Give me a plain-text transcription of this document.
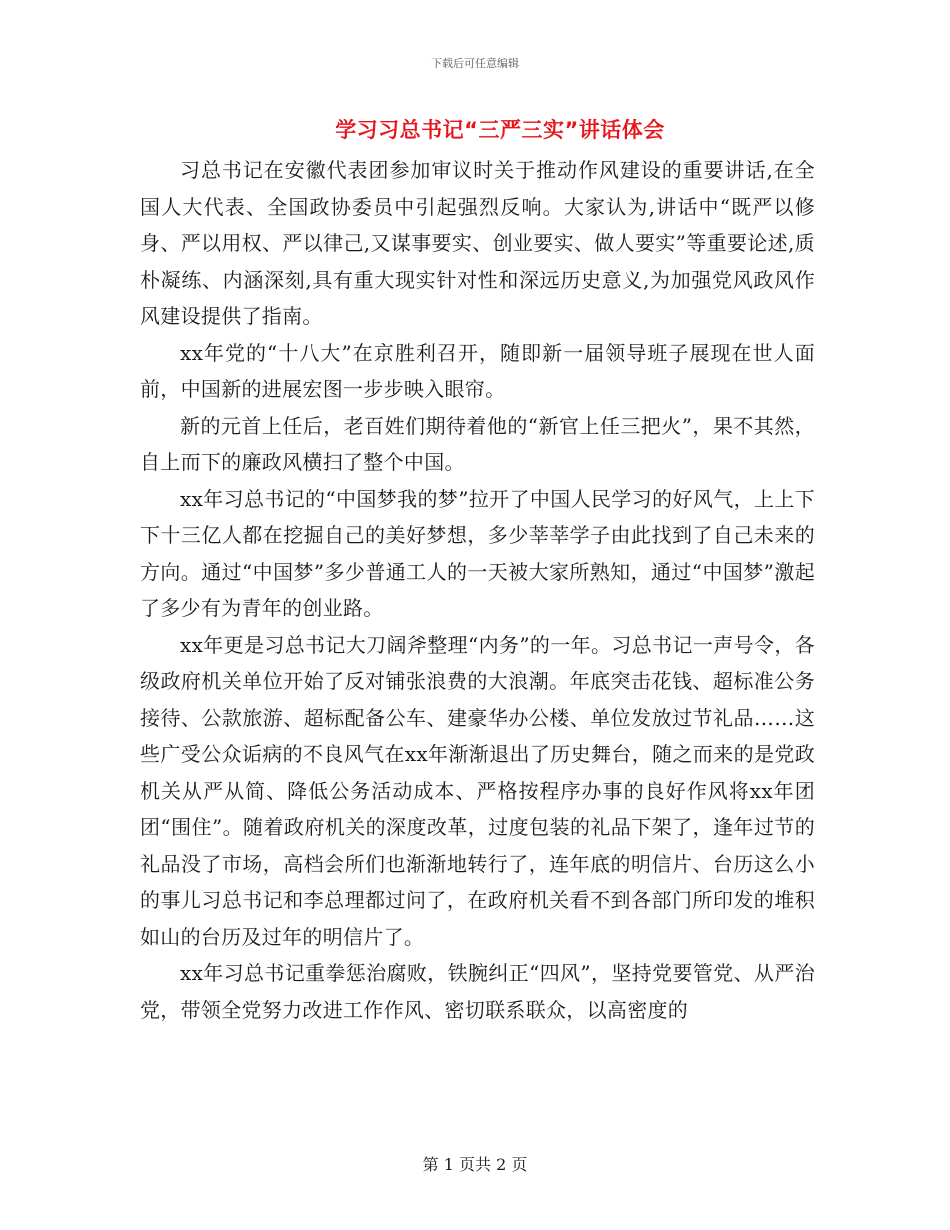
下载后可任意编辑
学习习总书记“三严三实”讲话体会

习总书记在安徽代表团参加审议时关于推动作风建设的重要讲话,在全国人大代表、全国政协委员中引起强烈反响。大家认为,讲话中“既严以修身、严以用权、严以律己,又谋事要实、创业要实、做人要实”等重要论述,质朴凝练、内涵深刻,具有重大现实针对性和深远历史意义,为加强党风政风作风建设提供了指南。

xx年党的“十八大”在京胜利召开，随即新一届领导班子展现在世人面前，中国新的进展宏图一步步映入眼帘。

新的元首上任后，老百姓们期待着他的“新官上任三把火”，果不其然，自上而下的廉政风横扫了整个中国。

xx年习总书记的“中国梦我的梦”拉开了中国人民学习的好风气，上上下下十三亿人都在挖掘自己的美好梦想，多少莘莘学子由此找到了自己未来的方向。通过“中国梦”多少普通工人的一天被大家所熟知，通过“中国梦”激起了多少有为青年的创业路。

xx年更是习总书记大刀阔斧整理“内务”的一年。习总书记一声号令，各级政府机关单位开始了反对铺张浪费的大浪潮。年底突击花钱、超标准公务接待、公款旅游、超标配备公车、建豪华办公楼、单位发放过节礼品……这些广受公众诟病的不良风气在xx年渐渐退出了历史舞台，随之而来的是党政机关从严从简、降低公务活动成本、严格按程序办事的良好作风将xx年团团“围住”。随着政府机关的深度改革，过度包装的礼品下架了，逢年过节的礼品没了市场，高档会所们也渐渐地转行了，连年底的明信片、台历这么小的事儿习总书记和李总理都过问了，在政府机关看不到各部门所印发的堆积如山的台历及过年的明信片了。

xx年习总书记重拳惩治腐败，铁腕纠正“四风”，坚持党要管党、从严治党，带领全党努力改进工作作风、密切联系联众，以高密度的

第 1 页共 2 页
